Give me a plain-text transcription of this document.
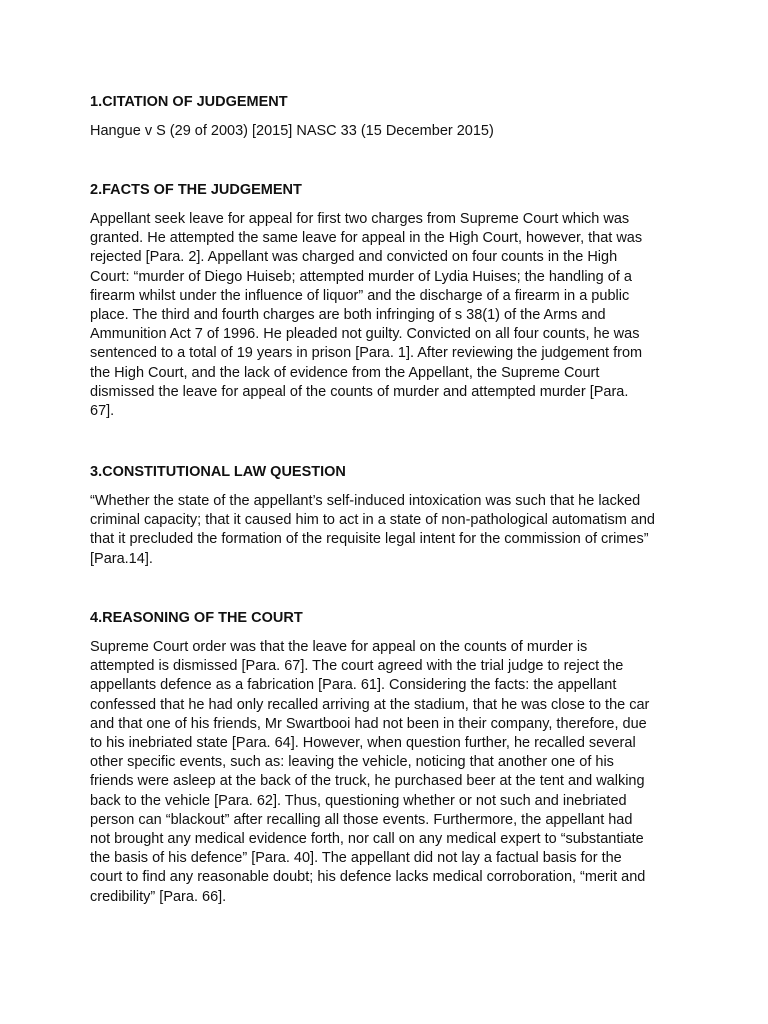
1.CITATION OF JUDGEMENT

Hangue v S (29 of 2003) [2015] NASC 33 (15 December 2015)

2.FACTS OF THE JUDGEMENT

Appellant seek leave for appeal for first two charges from Supreme Court which was
granted. He attempted the same leave for appeal in the High Court, however, that was
rejected [Para. 2]. Appellant was charged and convicted on four counts in the High
Court: “murder of Diego Huiseb; attempted murder of Lydia Huises; the handling of a
firearm whilst under the influence of liquor” and the discharge of a firearm in a public
place. The third and fourth charges are both infringing of s 38(1) of the Arms and
Ammunition Act 7 of 1996. He pleaded not guilty. Convicted on all four counts, he was
sentenced to a total of 19 years in prison [Para. 1]. After reviewing the judgement from
the High Court, and the lack of evidence from the Appellant, the Supreme Court
dismissed the leave for appeal of the counts of murder and attempted murder [Para.
67].

3.CONSTITUTIONAL LAW QUESTION

“Whether the state of the appellant’s self-induced intoxication was such that he lacked
criminal capacity; that it caused him to act in a state of non-pathological automatism and
that it precluded the formation of the requisite legal intent for the commission of crimes”
[Para.14].

4.REASONING OF THE COURT

Supreme Court order was that the leave for appeal on the counts of murder is
attempted is dismissed [Para. 67]. The court agreed with the trial judge to reject the
appellants defence as a fabrication [Para. 61]. Considering the facts: the appellant
confessed that he had only recalled arriving at the stadium, that he was close to the car
and that one of his friends, Mr Swartbooi had not been in their company, therefore, due
to his inebriated state [Para. 64]. However, when question further, he recalled several
other specific events, such as: leaving the vehicle, noticing that another one of his
friends were asleep at the back of the truck, he purchased beer at the tent and walking
back to the vehicle [Para. 62]. Thus, questioning whether or not such and inebriated
person can “blackout” after recalling all those events. Furthermore, the appellant had
not brought any medical evidence forth, nor call on any medical expert to “substantiate
the basis of his defence” [Para. 40]. The appellant did not lay a factual basis for the
court to find any reasonable doubt; his defence lacks medical corroboration, “merit and
credibility” [Para. 66].
